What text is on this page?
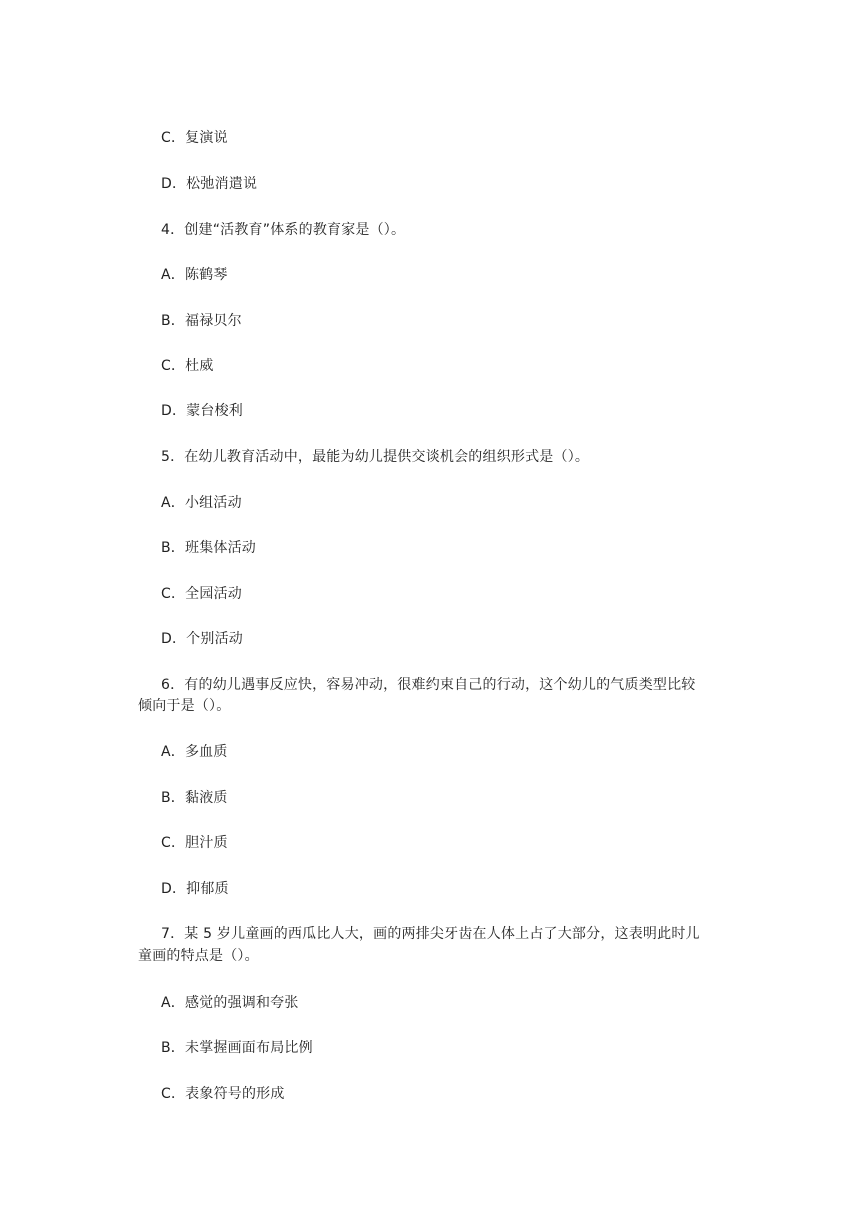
C．复演说
D．松弛消遣说
4．创建“活教育”体系的教育家是（）。
A．陈鹤琴
B．福禄贝尔
C．杜威
D．蒙台梭利
5．在幼儿教育活动中，最能为幼儿提供交谈机会的组织形式是（）。
A．小组活动
B．班集体活动
C．全园活动
D．个别活动
6．有的幼儿遇事反应快，容易冲动，很难约束自己的行动，这个幼儿的气质类型比较
倾向于是（）。
A．多血质
B．黏液质
C．胆汁质
D．抑郁质
7．某 5 岁儿童画的西瓜比人大，画的两排尖牙齿在人体上占了大部分，这表明此时儿
童画的特点是（）。
A．感觉的强调和夸张
B．未掌握画面布局比例
C．表象符号的形成
